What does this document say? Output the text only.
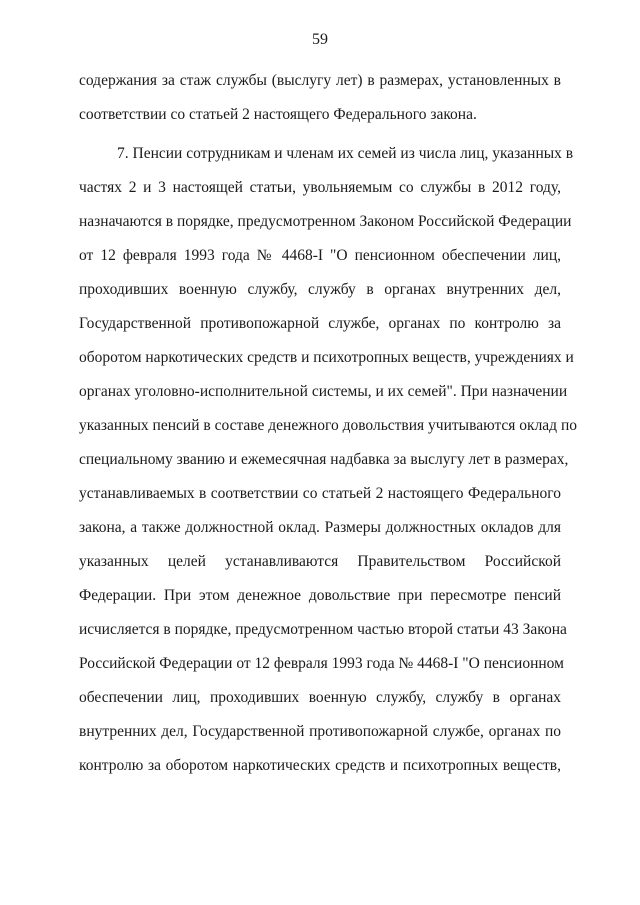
59
содержания за стаж службы (выслугу лет) в размерах, установленных в
соответствии со статьей 2 настоящего Федерального закона.
7. Пенсии сотрудникам и членам их семей из числа лиц, указанных в
частях 2 и 3 настоящей статьи, увольняемым со службы в 2012 году,
назначаются в порядке, предусмотренном Законом Российской Федерации
от 12 февраля 1993 года № 4468-I "О пенсионном обеспечении лиц,
проходивших военную службу, службу в органах внутренних дел,
Государственной противопожарной службе, органах по контролю за
оборотом наркотических средств и психотропных веществ, учреждениях и
органах уголовно-исполнительной системы, и их семей". При назначении
указанных пенсий в составе денежного довольствия учитываются оклад по
специальному званию и ежемесячная надбавка за выслугу лет в размерах,
устанавливаемых в соответствии со статьей 2 настоящего Федерального
закона, а также должностной оклад. Размеры должностных окладов для
указанных целей устанавливаются Правительством Российской
Федерации. При этом денежное довольствие при пересмотре пенсий
исчисляется в порядке, предусмотренном частью второй статьи 43 Закона
Российской Федерации от 12 февраля 1993 года № 4468-I "О пенсионном
обеспечении лиц, проходивших военную службу, службу в органах
внутренних дел, Государственной противопожарной службе, органах по
контролю за оборотом наркотических средств и психотропных веществ,
